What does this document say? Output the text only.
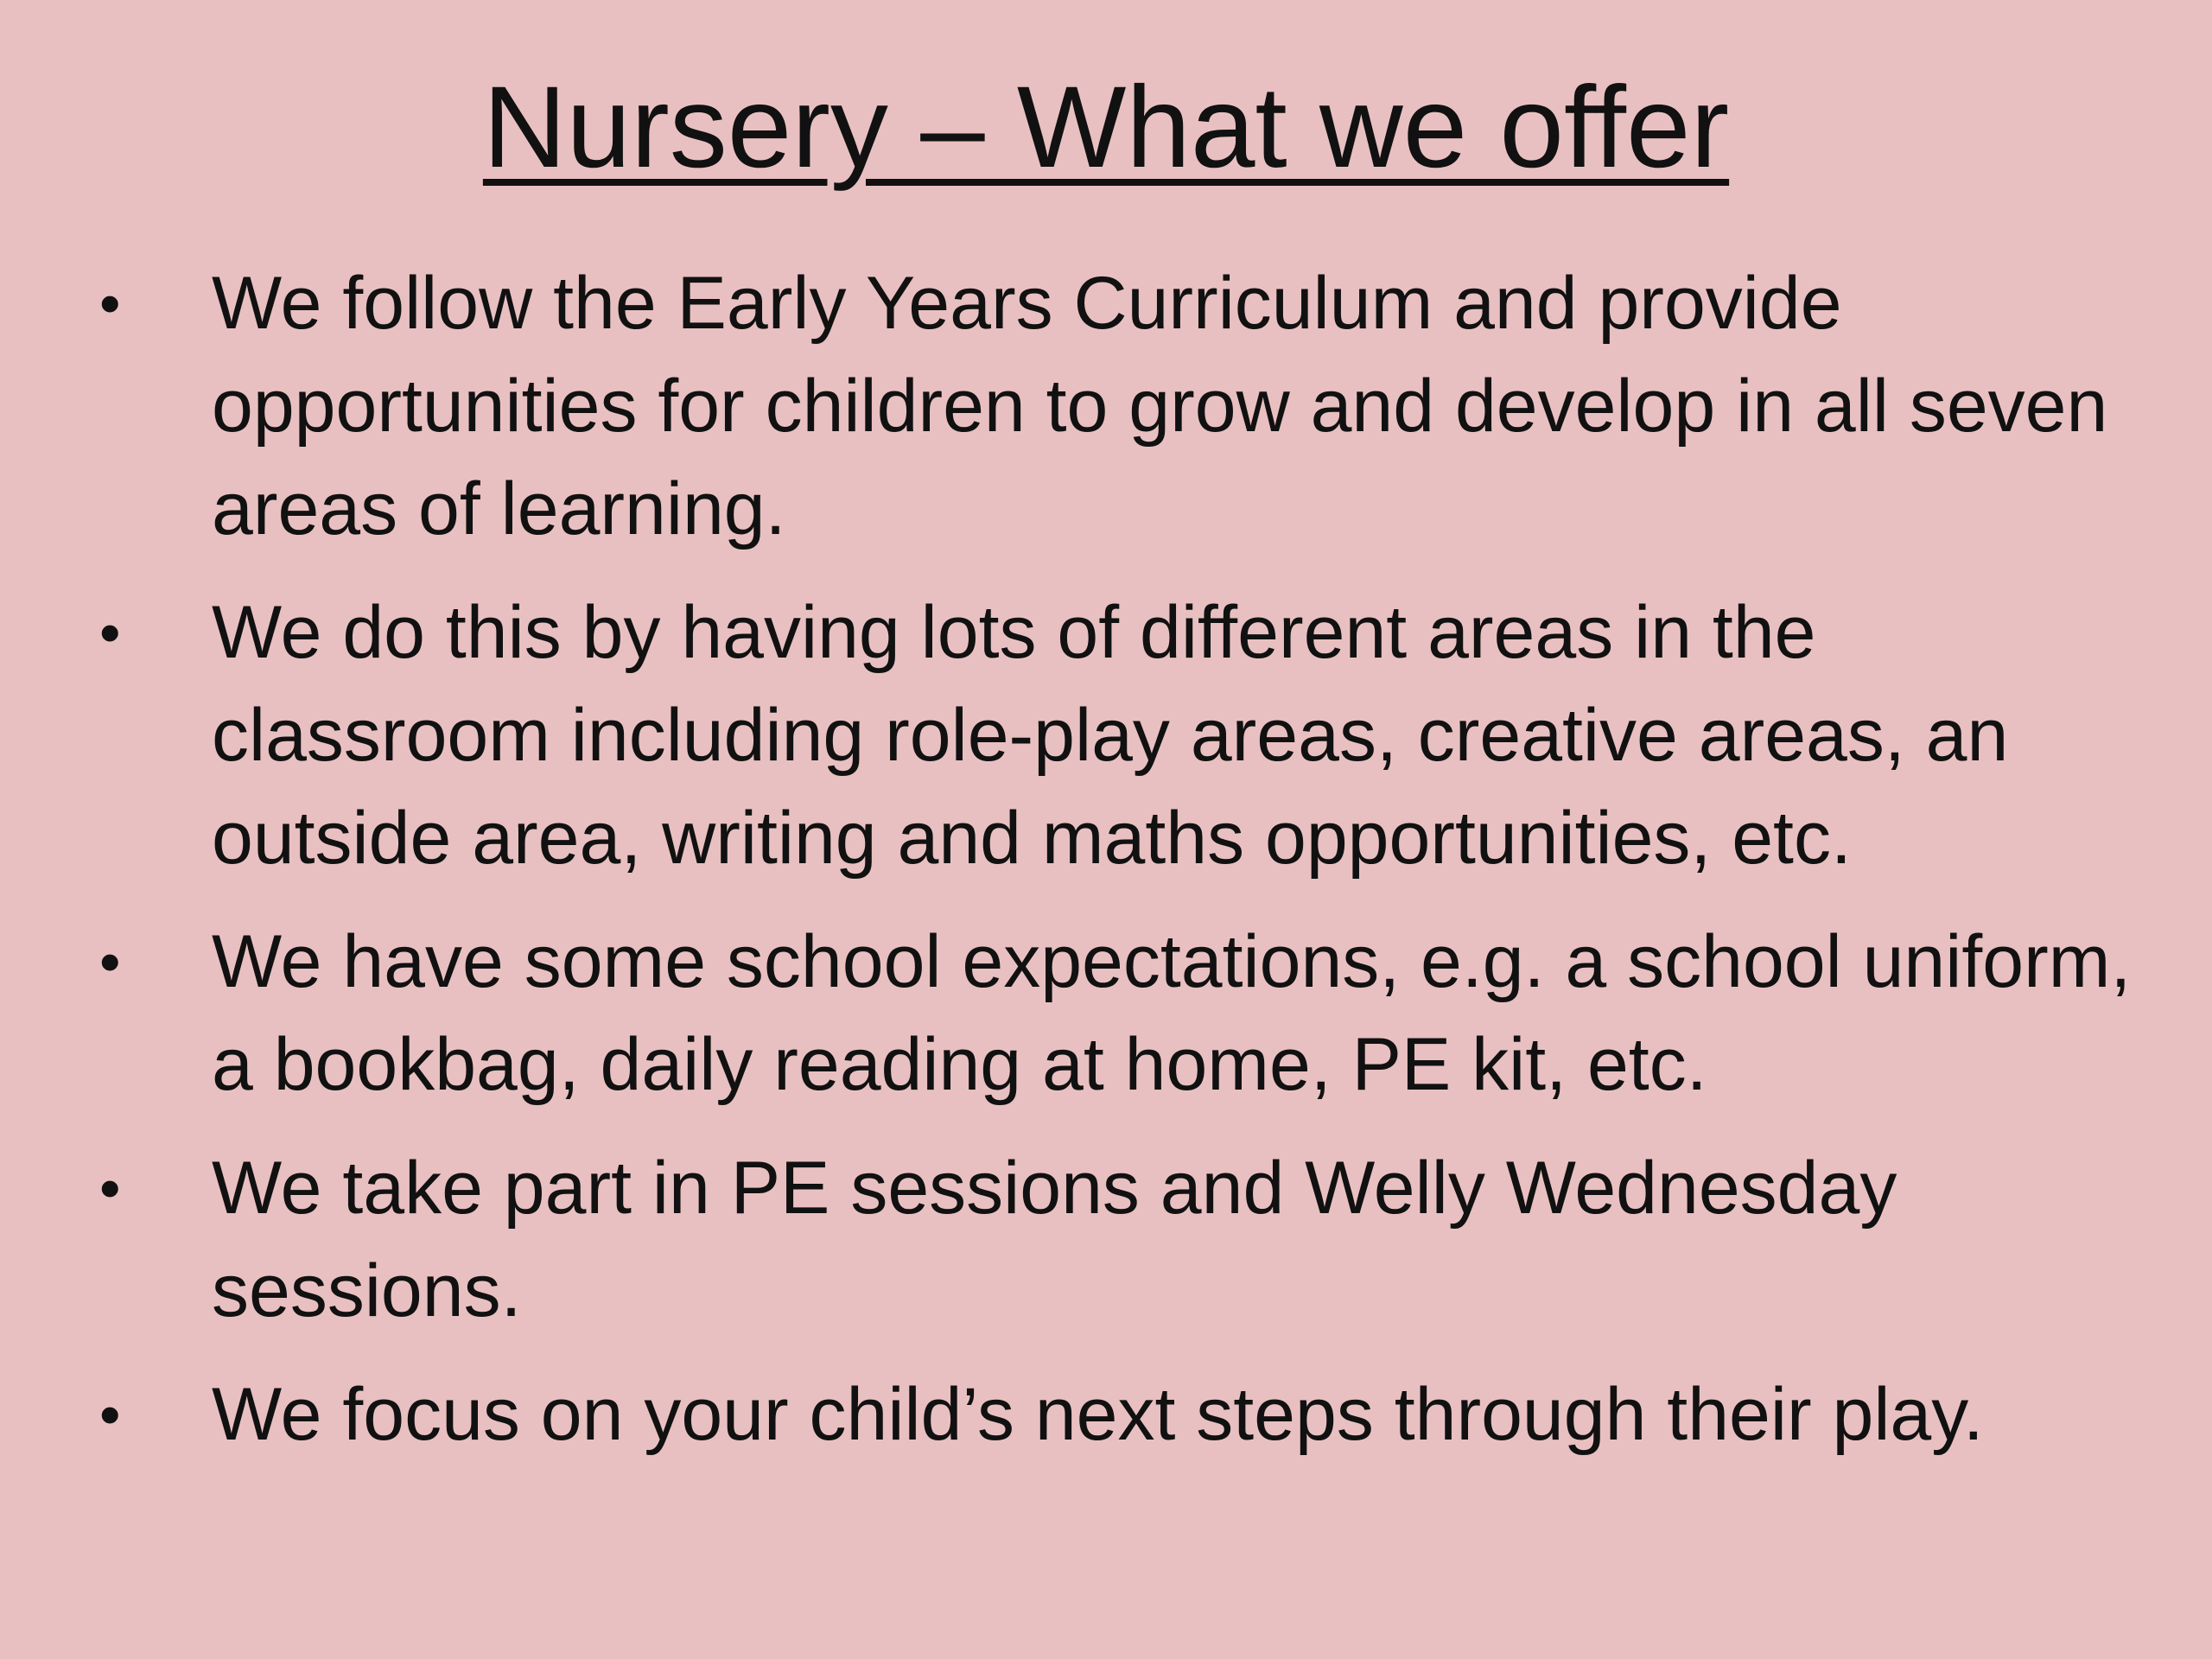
Nursery – What we offer
• We follow the Early Years Curriculum and provide opportunities for children to grow and develop in all seven areas of learning.
• We do this by having lots of different areas in the classroom including role-play areas, creative areas, an outside area, writing and maths opportunities, etc.
• We have some school expectations, e.g. a school uniform, a bookbag, daily reading at home, PE kit, etc.
• We take part in PE sessions and Welly Wednesday sessions.
• We focus on your child’s next steps through their play.
